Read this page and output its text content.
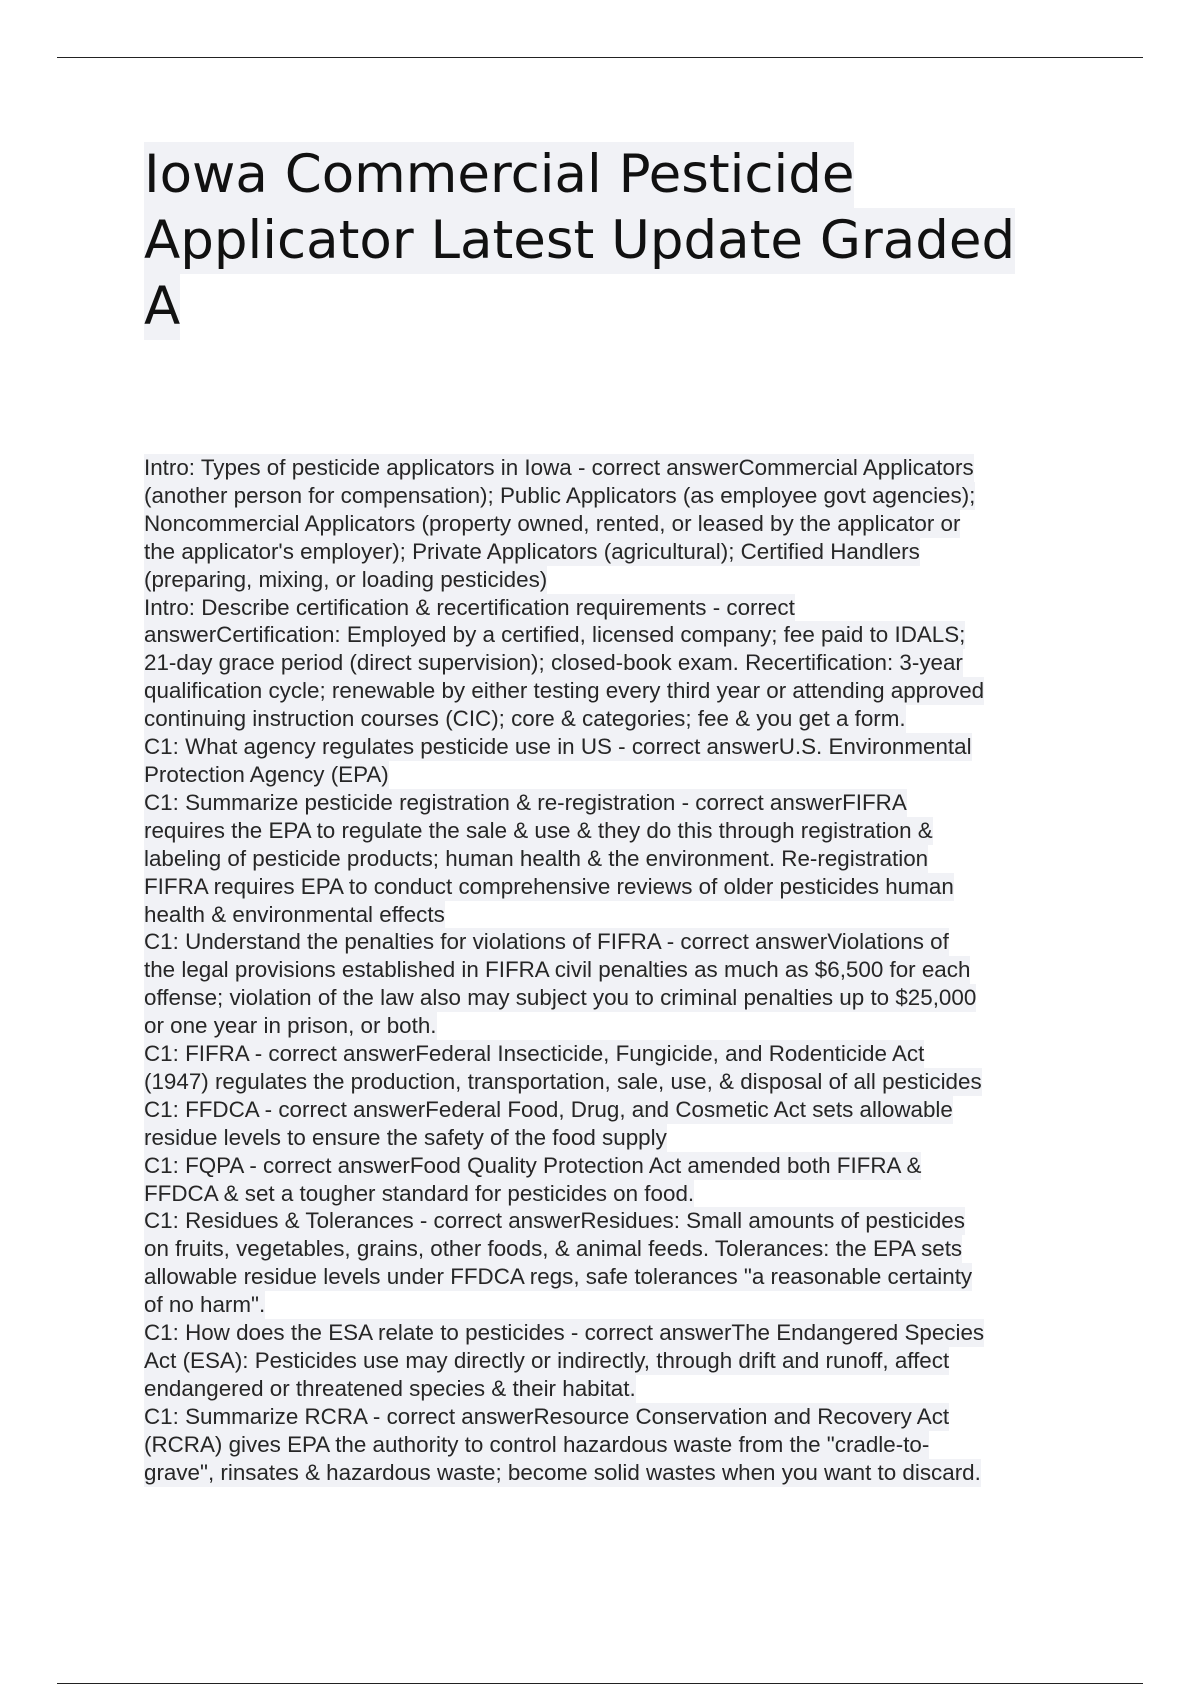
Iowa Commercial Pesticide
Applicator Latest Update Graded
A
Intro: Types of pesticide applicators in Iowa - correct answerCommercial Applicators
(another person for compensation); Public Applicators (as employee govt agencies);
Noncommercial Applicators (property owned, rented, or leased by the applicator or
the applicator's employer); Private Applicators (agricultural); Certified Handlers
(preparing, mixing, or loading pesticides)
Intro: Describe certification & recertification requirements - correct
answerCertification: Employed by a certified, licensed company; fee paid to IDALS;
21-day grace period (direct supervision); closed-book exam. Recertification: 3-year
qualification cycle; renewable by either testing every third year or attending approved
continuing instruction courses (CIC); core & categories; fee & you get a form.
C1: What agency regulates pesticide use in US - correct answerU.S. Environmental
Protection Agency (EPA)
C1: Summarize pesticide registration & re-registration - correct answerFIFRA
requires the EPA to regulate the sale & use & they do this through registration &
labeling of pesticide products; human health & the environment. Re-registration
FIFRA requires EPA to conduct comprehensive reviews of older pesticides human
health & environmental effects
C1: Understand the penalties for violations of FIFRA - correct answerViolations of
the legal provisions established in FIFRA civil penalties as much as $6,500 for each
offense; violation of the law also may subject you to criminal penalties up to $25,000
or one year in prison, or both.
C1: FIFRA - correct answerFederal Insecticide, Fungicide, and Rodenticide Act
(1947) regulates the production, transportation, sale, use, & disposal of all pesticides
C1: FFDCA - correct answerFederal Food, Drug, and Cosmetic Act sets allowable
residue levels to ensure the safety of the food supply
C1: FQPA - correct answerFood Quality Protection Act amended both FIFRA &
FFDCA & set a tougher standard for pesticides on food.
C1: Residues & Tolerances - correct answerResidues: Small amounts of pesticides
on fruits, vegetables, grains, other foods, & animal feeds. Tolerances: the EPA sets
allowable residue levels under FFDCA regs, safe tolerances "a reasonable certainty
of no harm".
C1: How does the ESA relate to pesticides - correct answerThe Endangered Species
Act (ESA): Pesticides use may directly or indirectly, through drift and runoff, affect
endangered or threatened species & their habitat.
C1: Summarize RCRA - correct answerResource Conservation and Recovery Act
(RCRA) gives EPA the authority to control hazardous waste from the "cradle-to-
grave", rinsates & hazardous waste; become solid wastes when you want to discard.
